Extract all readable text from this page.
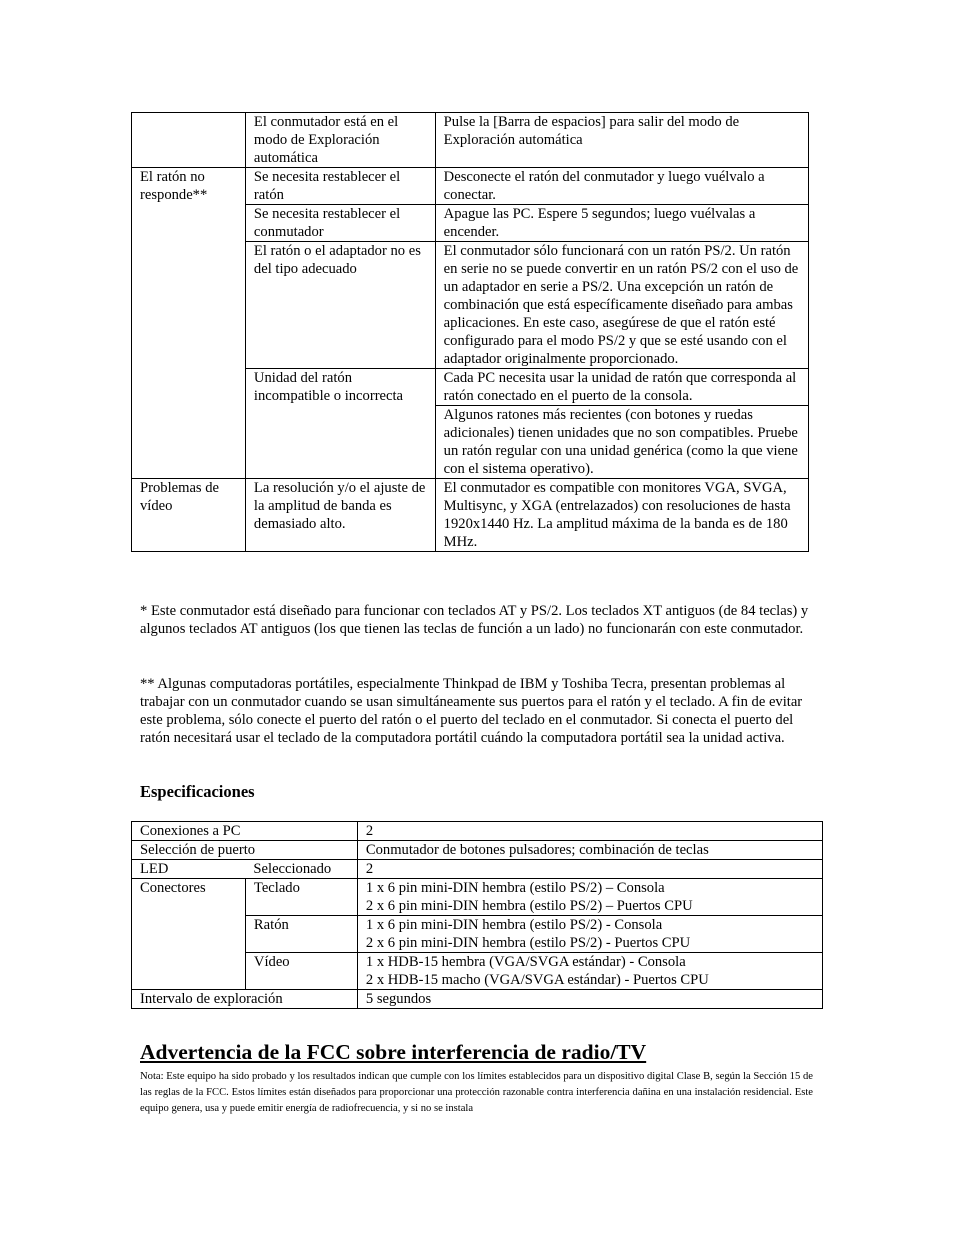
	El conmutador está en el modo de Exploración automática	Pulse la [Barra de espacios] para salir del modo de Exploración automática
El ratón no responde**	Se necesita restablecer el ratón	Desconecte el ratón del conmutador y luego vuélvalo a conectar.
	Se necesita restablecer el conmutador	Apague las PC. Espere 5 segundos; luego vuélvalas a encender.
	El ratón o el adaptador no es del tipo adecuado	El conmutador sólo funcionará con un ratón PS/2. Un ratón en serie no se puede convertir en un ratón PS/2 con el uso de un adaptador en serie a PS/2. Una excepción un ratón de combinación que está específicamente diseñado para ambas aplicaciones. En este caso, asegúrese de que el ratón esté configurado para el modo PS/2 y que se esté usando con el adaptador originalmente proporcionado.
	Unidad del ratón incompatible o incorrecta	Cada PC necesita usar la unidad de ratón que corresponda al ratón conectado en el puerto de la consola.
		Algunos ratones más recientes (con botones y ruedas adicionales) tienen unidades que no son compatibles. Pruebe un ratón regular con una unidad genérica (como la que viene con el sistema operativo).
Problemas de vídeo	La resolución y/o el ajuste de la amplitud de banda es demasiado alto.	El conmutador es compatible con monitores VGA, SVGA, Multisync, y XGA (entrelazados) con resoluciones de hasta 1920x1440 Hz. La amplitud máxima de la banda es de 180 MHz.

* Este conmutador está diseñado para funcionar con teclados AT y PS/2. Los teclados XT antiguos (de 84 teclas) y algunos teclados AT antiguos (los que tienen las teclas de función a un lado) no funcionarán con este conmutador.

** Algunas computadoras portátiles, especialmente Thinkpad de IBM y Toshiba Tecra, presentan problemas al trabajar con un conmutador cuando se usan simultáneamente sus puertos para el ratón y el teclado. A fin de evitar este problema, sólo conecte el puerto del ratón o el puerto del teclado en el conmutador. Si conecta el puerto del ratón necesitará usar el teclado de la computadora portátil cuándo la computadora portátil sea la unidad activa.

Especificaciones
Conexiones a PC		2
Selección de puerto		Conmutador de botones pulsadores; combinación de teclas
LED	Seleccionado	2
Conectores	Teclado	1 x 6 pin mini-DIN hembra (estilo PS/2) – Consola
2 x 6 pin mini-DIN hembra (estilo PS/2) – Puertos CPU

	Ratón	1 x 6 pin mini-DIN hembra (estilo PS/2) - Consola
2 x 6 pin mini-DIN hembra (estilo PS/2) - Puertos CPU

	Vídeo	1 x HDB-15 hembra (VGA/SVGA estándar) - Consola
2 x HDB-15 macho (VGA/SVGA estándar) - Puertos CPU

Intervalo de exploración		5 segundos
Advertencia de la FCC sobre interferencia de radio/TV

Nota: Este equipo ha sido probado y los resultados indican que cumple con los límites establecidos para un dispositivo digital Clase B, según la Sección 15 de las reglas de la FCC. Estos límites están diseñados para proporcionar una protección razonable contra interferencia dañina en una instalación residencial. Este equipo genera, usa y puede emitir energía de radiofrecuencia, y si no se instala
